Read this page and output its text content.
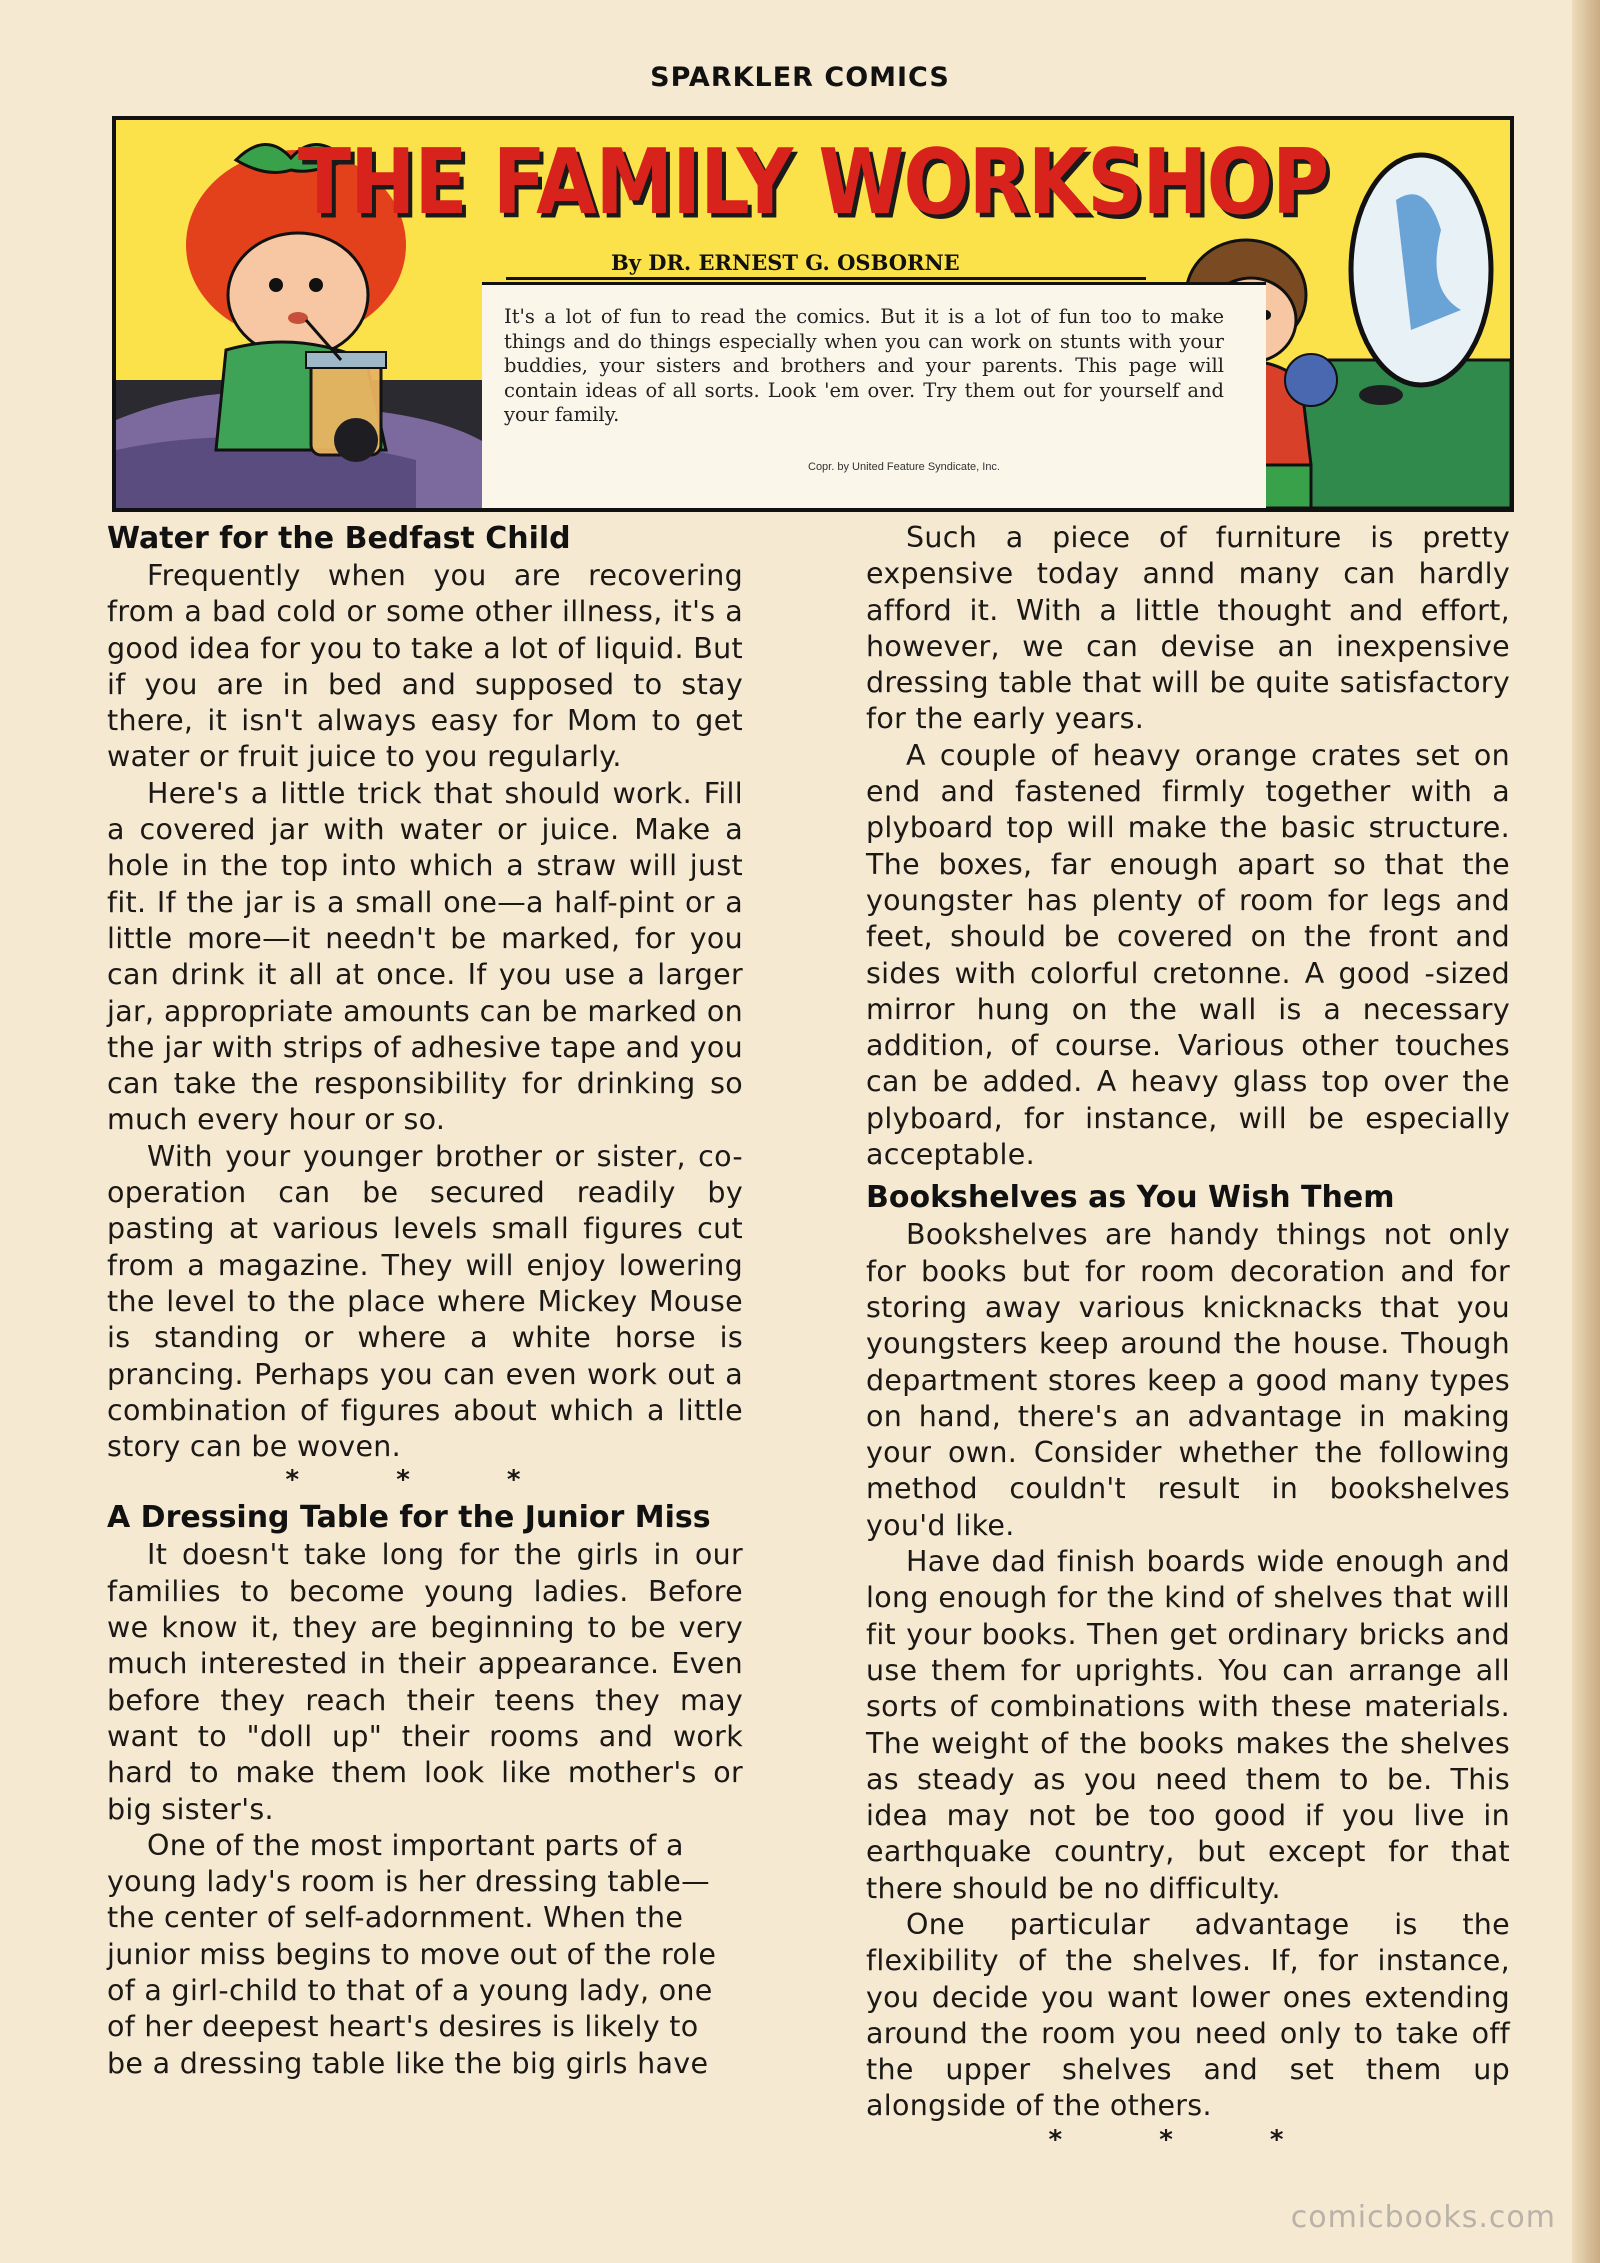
SPARKLER COMICS
THE FAMILY WORKSHOP
By DR. ERNEST G. OSBORNE
It's a lot of fun to read the comics. But it is a lot of fun too to make things and do things especially when you can work on stunts with your buddies, your sisters and brothers and your parents. This page will contain ideas of all sorts. Look 'em over. Try them out for yourself and your family.
Copr. by United Feature Syndicate, Inc.

Water for the Bedfast Child

Frequently when you are recovering from a bad cold or some other illness, it's a good idea for you to take a lot of liquid. But if you are in bed and supposed to stay there, it isn't always easy for Mom to get water or fruit juice to you regularly.

Here's a little trick that should work. Fill a covered jar with water or juice. Make a hole in the top into which a straw will just fit. If the jar is a small one—a half-pint or a little more—it needn't be marked, for you can drink it all at once. If you use a larger jar, appropriate amounts can be marked on the jar with strips of adhesive tape and you can take the responsibility for drinking so much every hour or so.

With your younger brother or sister, co-operation can be secured readily by pasting at various levels small figures cut from a magazine. They will enjoy lowering the level to the place where Mickey Mouse is standing or where a white horse is prancing. Perhaps you can even work out a combination of figures about which a little story can be woven.

* * *

A Dressing Table for the Junior Miss

It doesn't take long for the girls in our families to become young ladies. Before we know it, they are beginning to be very much interested in their appearance. Even before they reach their teens they may want to "doll up" their rooms and work hard to make them look like mother's or big sister's.

One of the most important parts of a young lady's room is her dressing table—the center of self-adornment. When the junior miss begins to move out of the role of a girl-child to that of a young lady, one of her deepest heart's desires is likely to be a dressing table like the big girls have

Such a piece of furniture is pretty expensive today annd many can hardly afford it. With a little thought and effort, however, we can devise an inexpensive dressing table that will be quite satisfactory for the early years.

A couple of heavy orange crates set on end and fastened firmly together with a plyboard top will make the basic structure. The boxes, far enough apart so that the youngster has plenty of room for legs and feet, should be covered on the front and sides with colorful cretonne. A good -sized mirror hung on the wall is a necessary addition, of course. Various other touches can be added. A heavy glass top over the plyboard, for instance, will be especially acceptable.

Bookshelves as You Wish Them

Bookshelves are handy things not only for books but for room decoration and for storing away various knicknacks that you youngsters keep around the house. Though department stores keep a good many types on hand, there's an advantage in making your own. Consider whether the following method couldn't result in bookshelves you'd like.

Have dad finish boards wide enough and long enough for the kind of shelves that will fit your books. Then get ordinary bricks and use them for uprights. You can arrange all sorts of combinations with these materials. The weight of the books makes the shelves as steady as you need them to be. This idea may not be too good if you live in earthquake country, but except for that there should be no difficulty.

One particular advantage is the flexibility of the shelves. If, for instance, you decide you want lower ones extending around the room you need only to take off the upper shelves and set them up alongside of the others.

* * *

comicbooks.com
